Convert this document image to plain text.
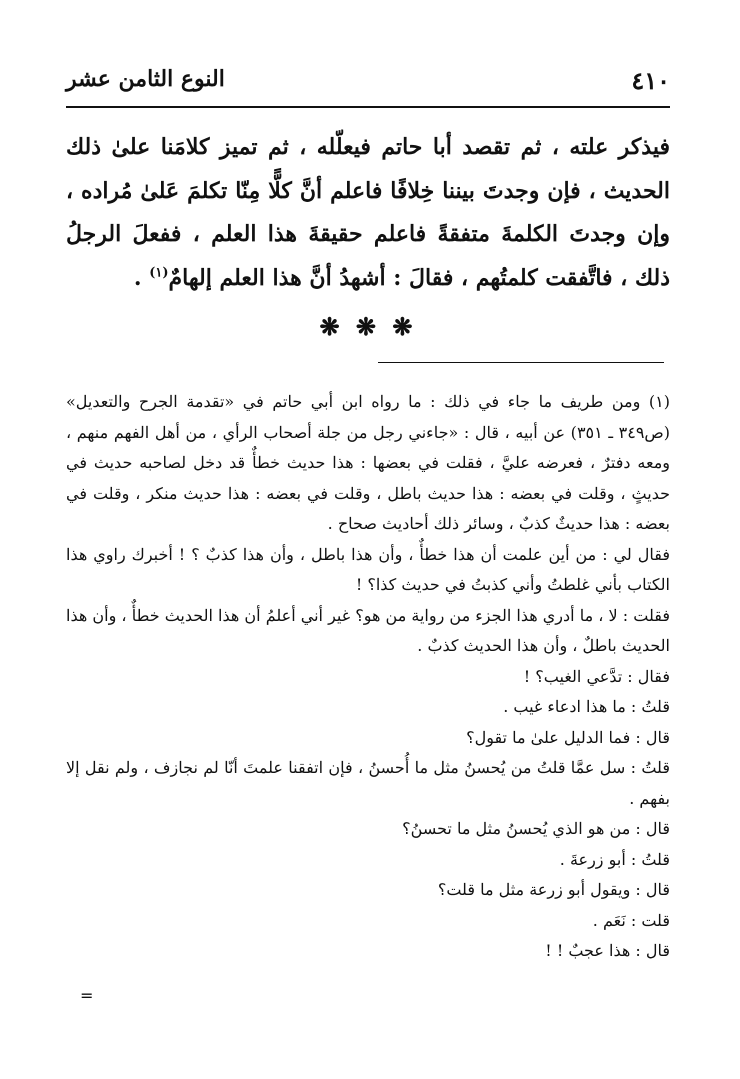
٤١٠
النوع الثامن عشر

فيذكر علته ، ثم تقصد أبا حاتم فيعلّله ، ثم تميز كلامَنا علىٰ ذلك الحديث ، فإن وجدتَ بيننا خِلافًا فاعلم أنَّ كلًّا مِنّا تكلمَ عَلىٰ مُراده ، وإن وجدتَ الكلمةَ متفقةً فاعلم حقيقةَ هذا العلم ، ففعلَ الرجلُ ذلك ، فاتَّفقت كلمتُهم ، فقالَ : أشهدُ أنَّ هذا العلم إلهامٌ$^{(١)}$ .

❋ ❋ ❋

(١) ومن طريف ما جاء في ذلك : ما رواه ابن أبي حاتم في «تقدمة الجرح والتعديل» (ص٣٤٩ ـ ٣٥١) عن أبيه ، قال : «جاءني رجل من جلة أصحاب الرأي ، من أهل الفهم منهم ، ومعه دفترٌ ، فعرضه عليَّ ، فقلت في بعضها : هذا حديث خطأٌ قد دخل لصاحبه حديث في حديثٍ ، وقلت في بعضه : هذا حديث باطل ، وقلت في بعضه : هذا حديث منكر ، وقلت في بعضه : هذا حديثٌ كذبٌ ، وسائر ذلك أحاديث صحاح .

فقال لي : من أين علمت أن هذا خطأٌ ، وأن هذا باطل ، وأن هذا كذبٌ ؟ ! أخبرك راوي هذا الكتاب بأني غلطتُ وأني كذبتُ في حديث كذا؟ !

فقلت : لا ، ما أدري هذا الجزء من رواية من هو؟ غير أني أعلمُ أن هذا الحديث خطأٌ ، وأن هذا الحديث باطلٌ ، وأن هذا الحديث كذبٌ .

فقال : تدَّعي الغيب؟ !

قلتُ : ما هذا ادعاء غيب .

قال : فما الدليل علىٰ ما تقول؟

قلتُ : سل عمَّا قلتُ من يُحسنُ مثل ما أُحسنُ ، فإن اتفقنا علمتَ أنّا لم نجازف ، ولم نقل إلا بفهم .

قال : من هو الذي يُحسنُ مثل ما تحسنُ؟

قلتُ : أبو زرعةَ .

قال : ويقول أبو زرعة مثل ما قلت؟

قلت : نَعَم .

قال : هذا عجبٌ ! !

=
